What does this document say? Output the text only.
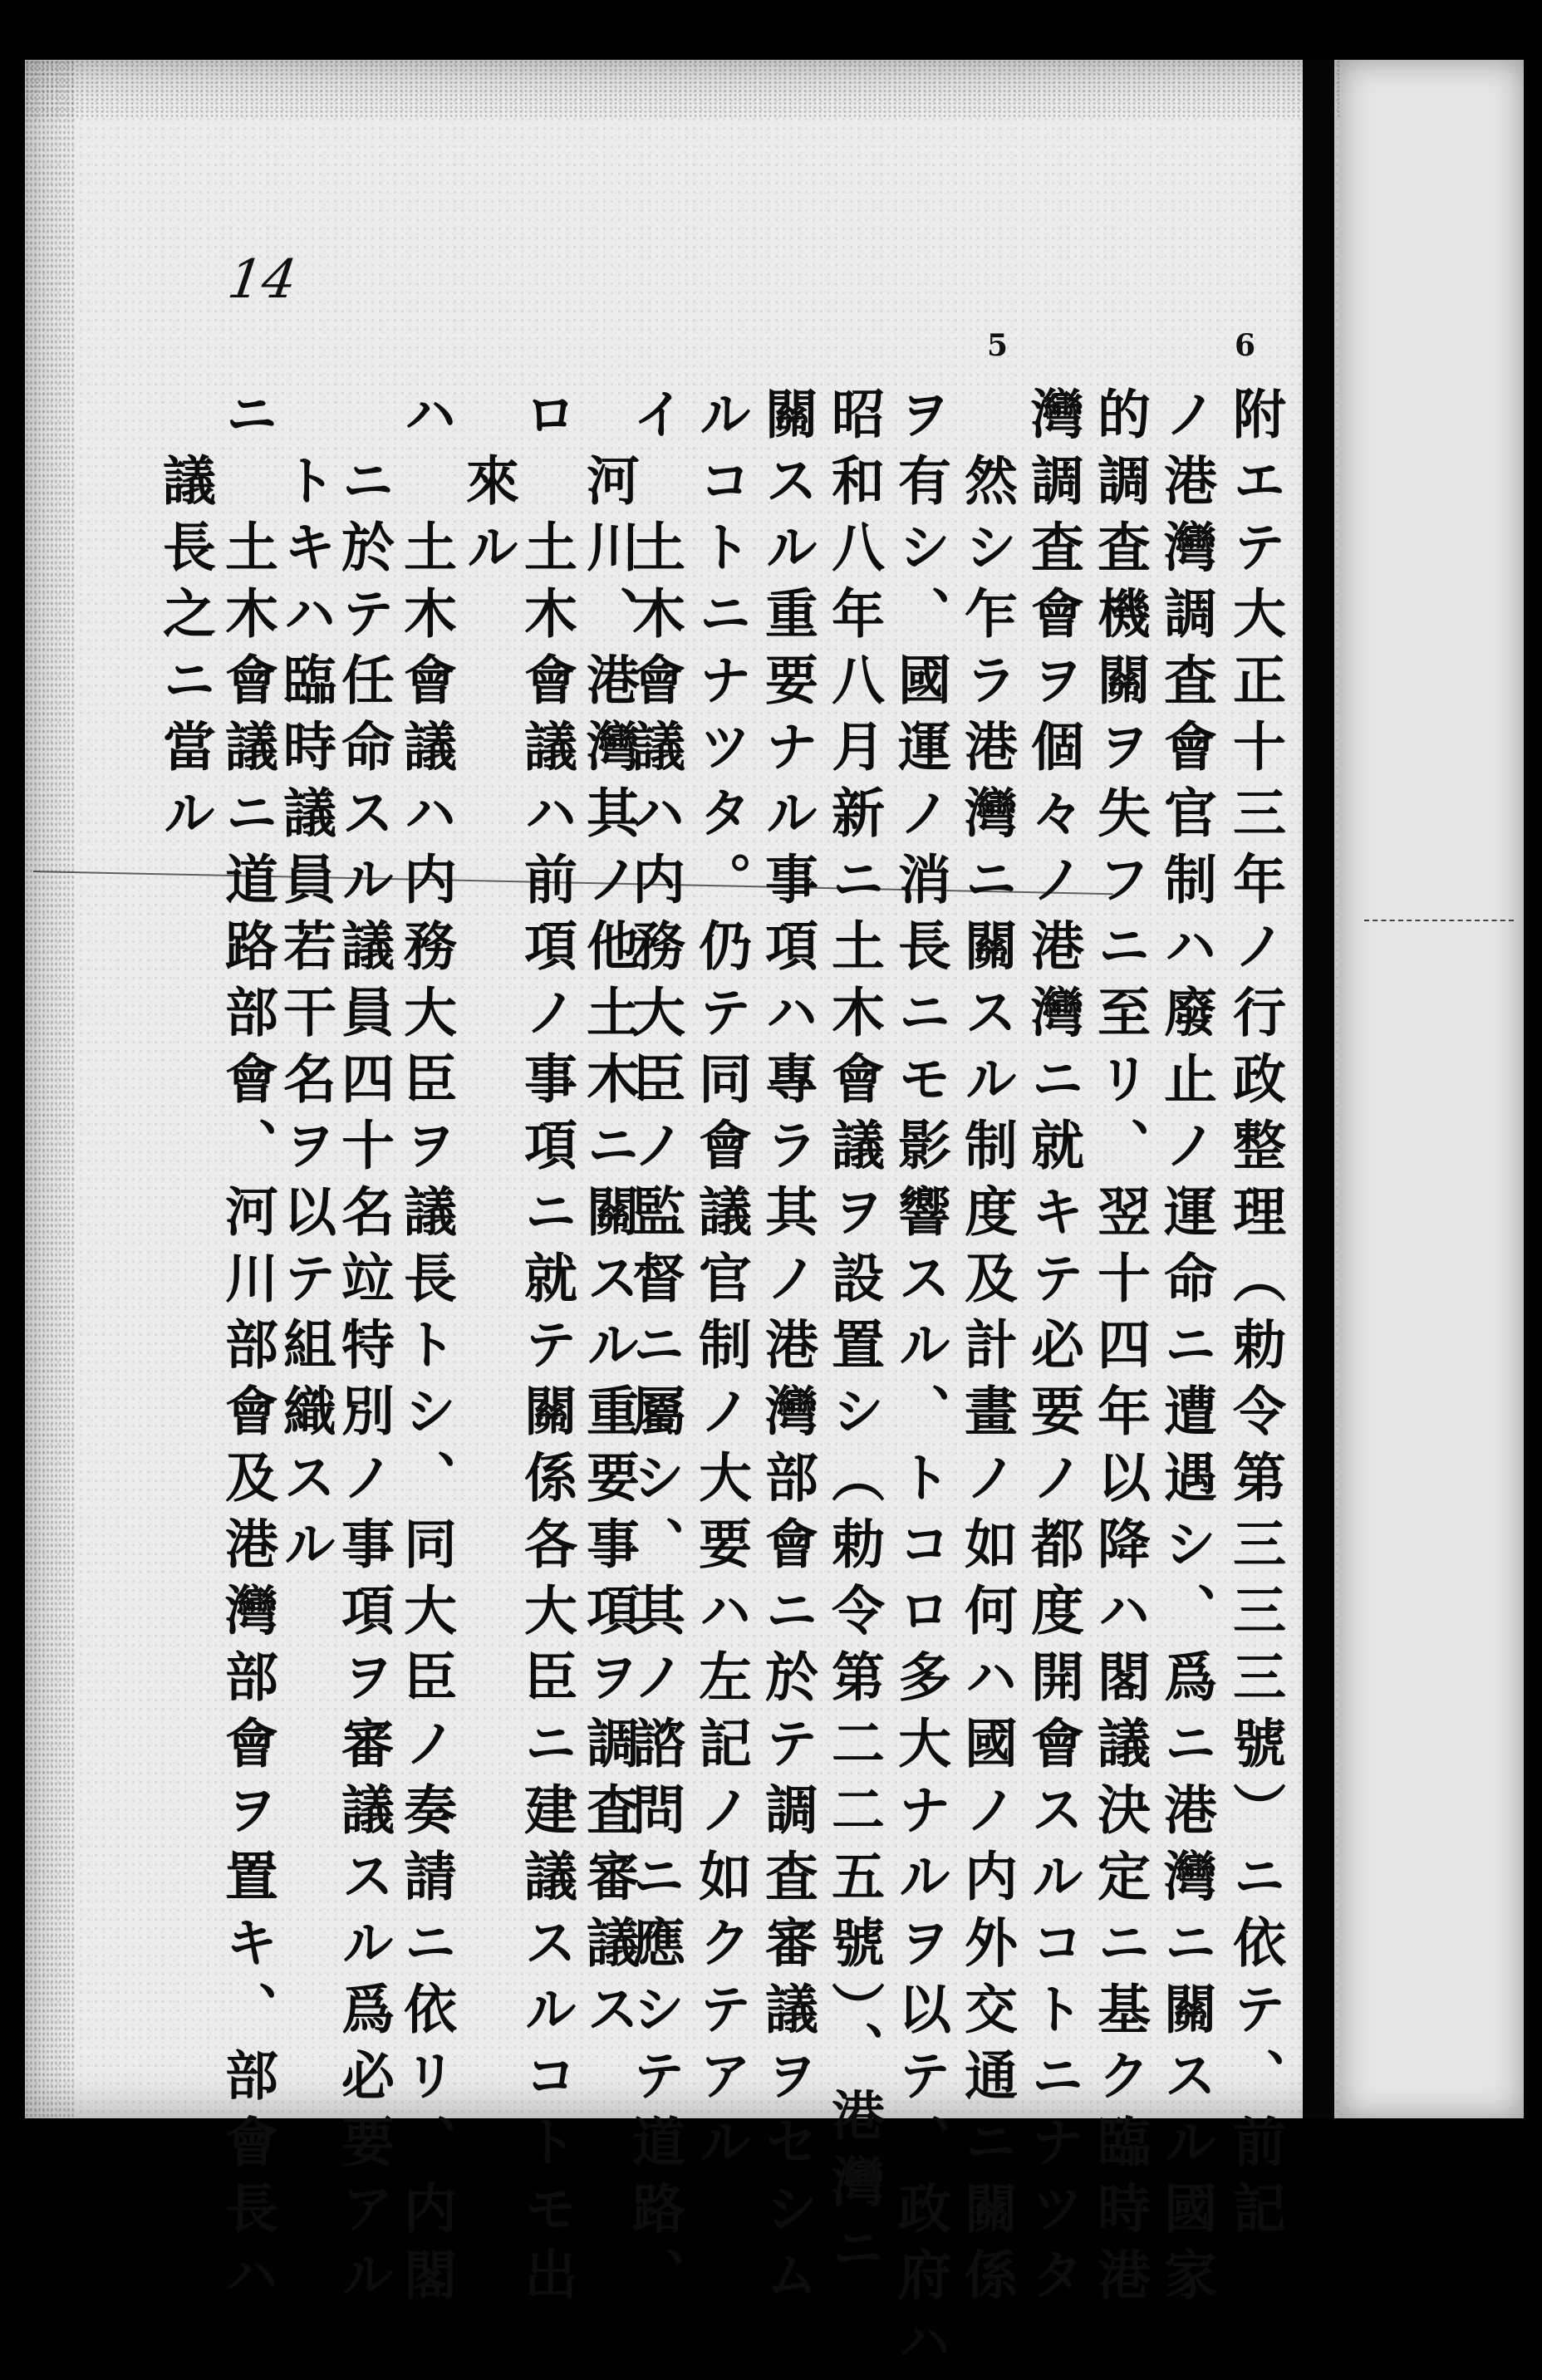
14
5	6
附エテ大正十三年ノ行政整理（勅令第三三三號）ニ依テ、前記
ノ港灣調査會官制ハ廢止ノ運命ニ遭遇シ、爲ニ港灣ニ關スル國家
的調査機關ヲ失フニ至リ、翌十四年以降ハ閣議決定ニ基ク臨時港
灣調査會ヲ個々ノ港灣ニ就キテ必要ノ都度開會スルコトニナツタ
然シ乍ラ港灣ニ關スル制度及計畫ノ如何ハ國ノ内外交通ニ關係
ヲ有シ、國運ノ消長ニモ影響スル、トコロ多大ナルヲ以テ、政府ハ
昭和八年八月新ニ土木會議ヲ設置シ（勅令第二二五號）、港灣ニ
關スル重要ナル事項ハ專ラ其ノ港灣部會ニ於テ調査審議ヲセシム
ルコトニナツタ。仍テ同會議官制ノ大要ハ左記ノ如クテアル
イ　土木會議ハ内務大臣ノ監督ニ屬シ、其ノ諮問ニ應シテ道路、
河川、港灣其ノ他土木ニ關スル重要事項ヲ調査審議ス
ロ　土木會議ハ前項ノ事項ニ就テ關係各大臣ニ建議スルコトモ出
來ル
ハ　土木會議ハ内務大臣ヲ議長トシ、同大臣ノ奏請ニ依リ、内閣
ニ於テ任命スル議員四十名竝特別ノ事項ヲ審議スル爲必要アル
トキハ臨時議員若干名ヲ以テ組織スル
ニ　土木會議ニ道路部會、河川部會及港灣部會ヲ置キ、部會長ハ
議長之ニ當ル
